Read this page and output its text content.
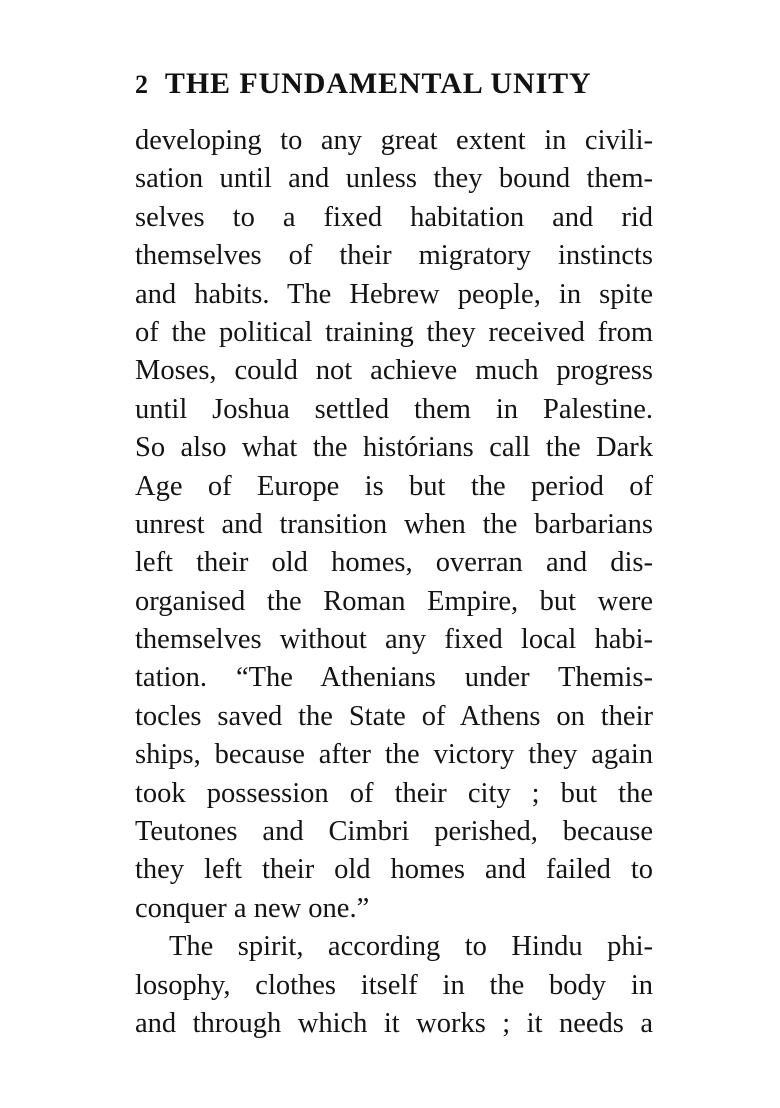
2 THE FUNDAMENTAL UNITY
developing to any great extent in civili-
sation until and unless they bound them-
selves to a fixed habitation and rid
themselves of their migratory instincts
and habits. The Hebrew people, in spite
of the political training they received from
Moses, could not achieve much progress
until Joshua settled them in Palestine.
So also what the histórians call the Dark
Age of Europe is but the period of
unrest and transition when the barbarians
left their old homes, overran and dis-
organised the Roman Empire, but were
themselves without any fixed local habi-
tation. “The Athenians under Themis-
tocles saved the State of Athens on their
ships, because after the victory they again
took possession of their city ; but the
Teutones and Cimbri perished, because
they left their old homes and failed to
conquer a new one.”
The spirit, according to Hindu phi-
losophy, clothes itself in the body in
and through which it works ; it needs a
